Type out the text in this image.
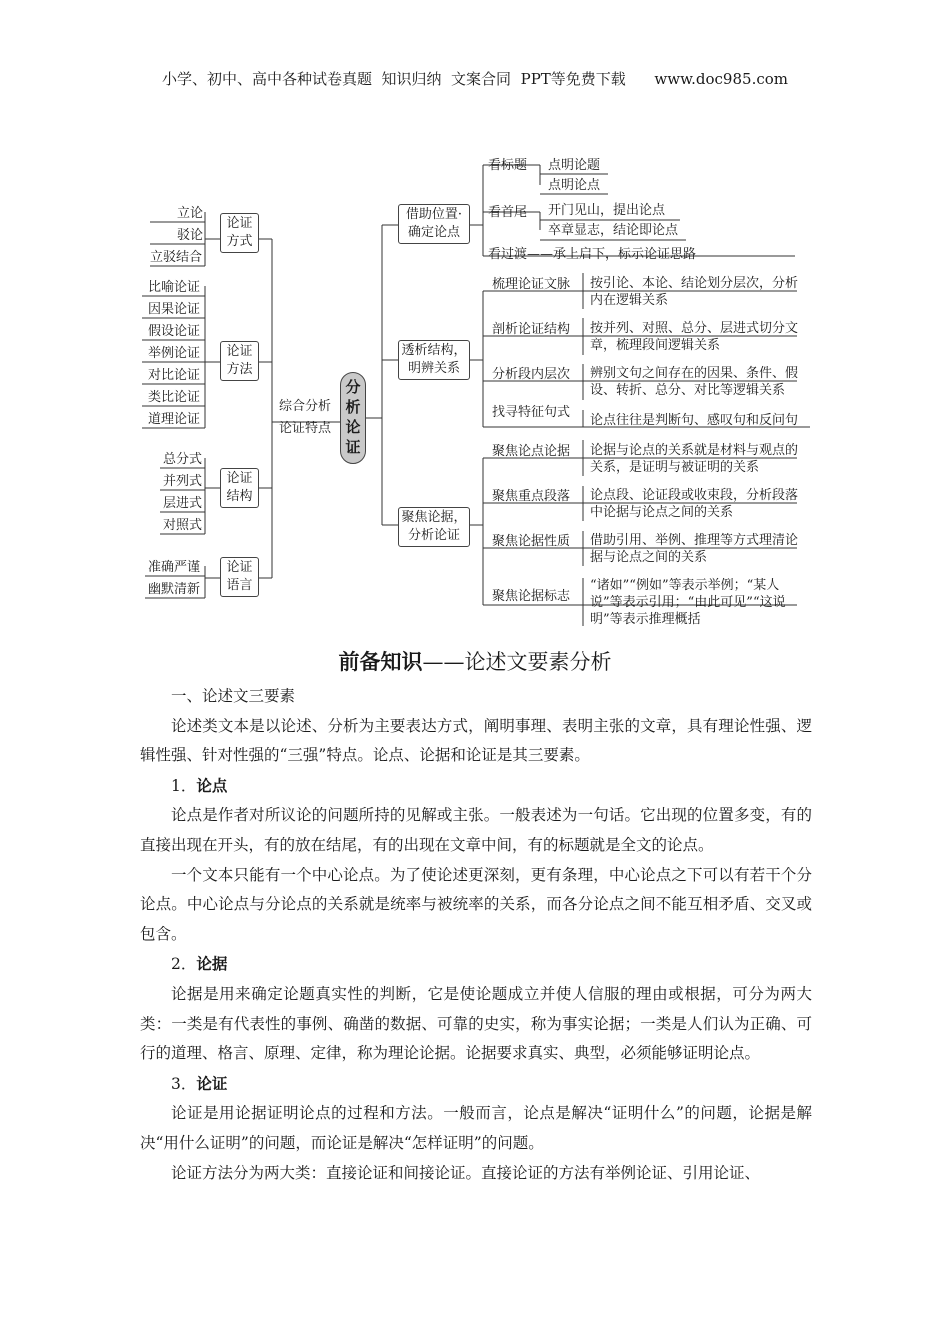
小学、初中、高中各种试卷真题  知识归纳  文案合同  PPT等免费下载      www.doc985.com
立论
驳论
立驳结合
论证
方式
比喻论证
因果论证
假设论证
举例论证
对比论证
类比论证
道理论证
论证
方法
总分式
并列式
层进式
对照式
论证
结构
准确严谨
幽默清新
论证
语言
综合分析
论证特点
分
析
论
证
借助位置·
确定论点
看标题 点明论题
点明论点
看首尾 开门见山，提出论点
卒章显志，结论即论点
看过渡——承上启下，标示论证思路
透析结构，
明辨关系
梳理论证文脉 按引论、本论、结论划分层次，分析内在逻辑关系
剖析论证结构 按并列、对照、总分、层进式切分文章，梳理段间逻辑关系
分析段内层次 辨别文句之间存在的因果、条件、假设、转折、总分、对比等逻辑关系
找寻特征句式
论点往往是判断句、感叹句和反问句
聚焦论据，
分析论证
聚焦论点论据 论据与论点的关系就是材料与观点的关系，是证明与被证明的关系
聚焦重点段落 论点段、论证段或收束段，分析段落中论据与论点之间的关系
聚焦论据性质 借助引用、举例、推理等方式理清论据与论点之间的关系
聚焦论据标志
“诸如”“例如”等表示举例；“某人说”等表示引用；“由此可见”“这说明”等表示推理概括
前备知识——论述文要素分析

一、论述文三要素

论述类文本是以论述、分析为主要表达方式，阐明事理、表明主张的文章，具有理论性强、逻辑性强、针对性强的“三强”特点。论点、论据和论证是其三要素。

1．论点

论点是作者对所议论的问题所持的见解或主张。一般表述为一句话。它出现的位置多变，有的直接出现在开头，有的放在结尾，有的出现在文章中间，有的标题就是全文的论点。

一个文本只能有一个中心论点。为了使论述更深刻，更有条理，中心论点之下可以有若干个分论点。中心论点与分论点的关系就是统率与被统率的关系，而各分论点之间不能互相矛盾、交叉或包含。

2．论据

论据是用来确定论题真实性的判断，它是使论题成立并使人信服的理由或根据，可分为两大类：一类是有代表性的事例、确凿的数据、可靠的史实，称为事实论据；一类是人们认为正确、可行的道理、格言、原理、定律，称为理论论据。论据要求真实、典型，必须能够证明论点。

3．论证

论证是用论据证明论点的过程和方法。一般而言，论点是解决“证明什么”的问题，论据是解决“用什么证明”的问题，而论证是解决“怎样证明”的问题。

论证方法分为两大类：直接论证和间接论证。直接论证的方法有举例论证、引用论证、
